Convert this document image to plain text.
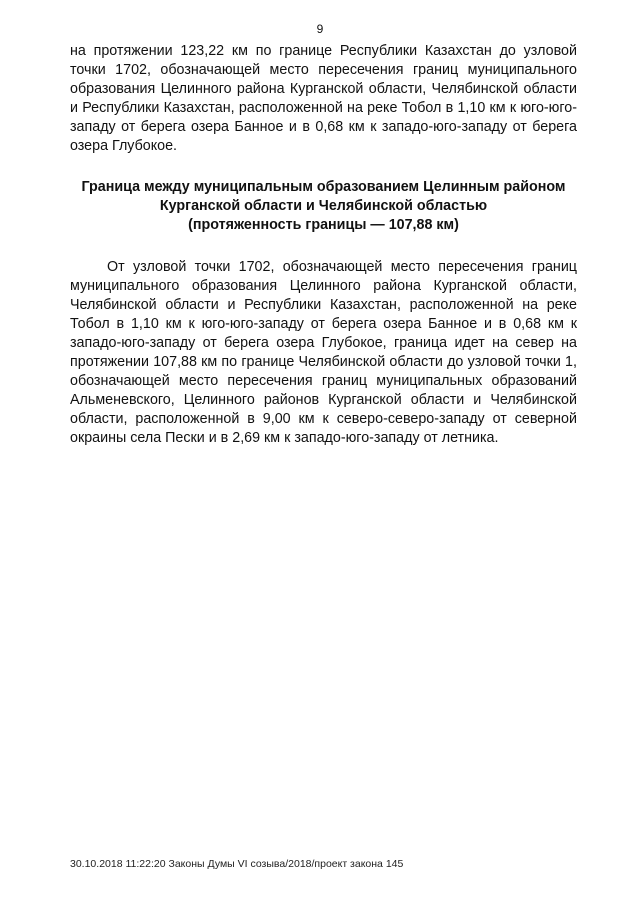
9

на протяжении 123,22 км по границе Республики Казахстан до узловой точки 1702, обозначающей место пересечения границ муниципального образования Целинного района Курганской области, Челябинской области и Республики Казахстан, расположенной на реке Тобол в 1,10 км к юго-юго-западу от берега озера Банное и в 0,68 км к западо-юго-западу от берега озера Глубокое.

Граница между муниципальным образованием Целинным районом
Курганской области и Челябинской областью
(протяженность границы — 107,88 км)

От узловой точки 1702, обозначающей место пересечения границ муниципального образования Целинного района Курганской области, Челябинской области и Республики Казахстан, расположенной на реке Тобол в 1,10 км к юго-юго-западу от берега озера Банное и в 0,68 км к западо-юго-западу от берега озера Глубокое, граница идет на север на протяжении 107,88 км по границе Челябинской области до узловой точки 1, обозначающей место пересечения границ муниципальных образований Альменевского, Целинного районов Курганской области и Челябинской области, расположенной в 9,00 км к северо-северо-западу от северной окраины села Пески и в 2,69 км к западо-юго-западу от летника.

30.10.2018 11:22:20 Законы Думы VI созыва/2018/проект закона 145
